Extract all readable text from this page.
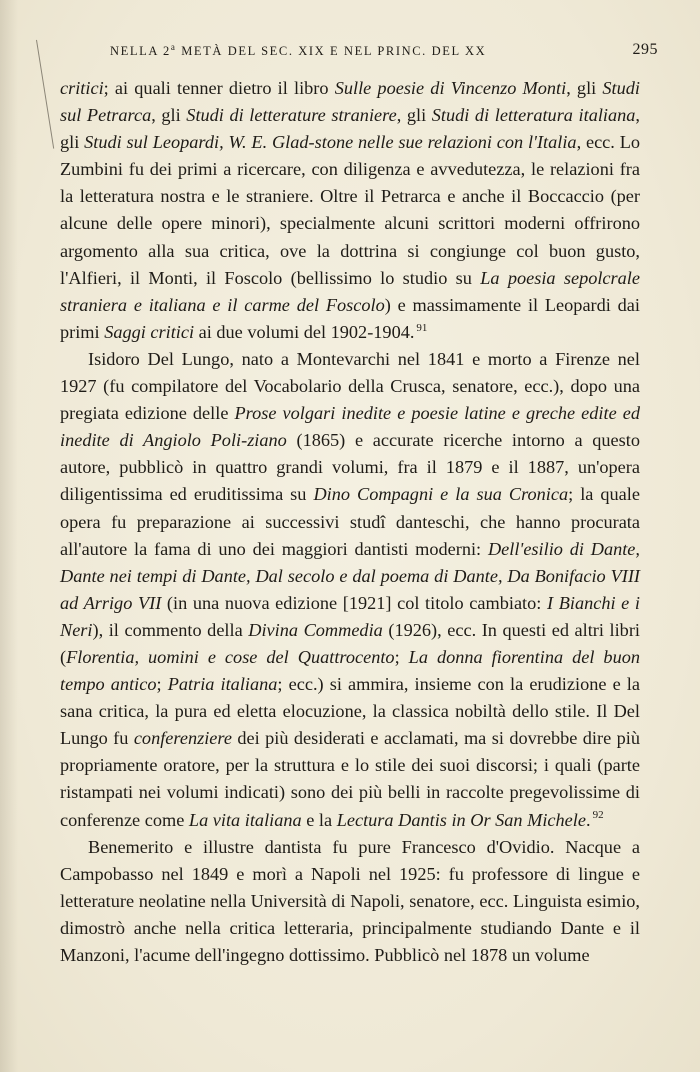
NELLA 2$^a$ METÀ DEL SEC. XIX E NEL PRINC. DEL XX	295

critici; ai quali tenner dietro il libro Sulle poesie di Vincenzo Monti, gli Studi sul Petrarca, gli Studi di letterature straniere, gli Studi di letteratura italiana, gli Studi sul Leopardi, W. E. Glad-stone nelle sue relazioni con l'Italia, ecc. Lo Zumbini fu dei primi a ricercare, con diligenza e avvedutezza, le relazioni fra la letteratura nostra e le straniere. Oltre il Petrarca e anche il Boccaccio (per alcune delle opere minori), specialmente alcuni scrittori moderni offrirono argomento alla sua critica, ove la dottrina si congiunge col buon gusto, l'Alfieri, il Monti, il Foscolo (bellissimo lo studio su La poesia sepolcrale straniera e italiana e il carme del Foscolo) e massimamente il Leopardi dai primi Saggi critici ai due volumi del 1902-1904. $^{91}$

Isidoro Del Lungo, nato a Montevarchi nel 1841 e morto a Firenze nel 1927 (fu compilatore del Vocabolario della Crusca, senatore, ecc.), dopo una pregiata edizione delle Prose volgari inedite e poesie latine e greche edite ed inedite di Angiolo Poli-ziano (1865) e accurate ricerche intorno a questo autore, pubblicò in quattro grandi volumi, fra il 1879 e il 1887, un'opera diligentissima ed eruditissima su Dino Compagni e la sua Cronica; la quale opera fu preparazione ai successivi studî danteschi, che hanno procurata all'autore la fama di uno dei maggiori dantisti moderni: Dell'esilio di Dante, Dante nei tempi di Dante, Dal secolo e dal poema di Dante, Da Bonifacio VIII ad Arrigo VII (in una nuova edizione [1921] col titolo cambiato: I Bianchi e i Neri), il commento della Divina Commedia (1926), ecc. In questi ed altri libri (Florentia, uomini e cose del Quattrocento; La donna fiorentina del buon tempo antico; Patria italiana; ecc.) si ammira, insieme con la erudizione e la sana critica, la pura ed eletta elocuzione, la classica nobiltà dello stile. Il Del Lungo fu conferenziere dei più desiderati e acclamati, ma si dovrebbe dire più propriamente oratore, per la struttura e lo stile dei suoi discorsi; i quali (parte ristampati nei volumi indicati) sono dei più belli in raccolte pregevolissime di conferenze come La vita italiana e la Lectura Dantis in Or San Michele. $^{92}$

Benemerito e illustre dantista fu pure Francesco d'Ovidio. Nacque a Campobasso nel 1849 e morì a Napoli nel 1925: fu professore di lingue e letterature neolatine nella Università di Napoli, senatore, ecc. Linguista esimio, dimostrò anche nella critica letteraria, principalmente studiando Dante e il Manzoni, l'acume dell'ingegno dottissimo. Pubblicò nel 1878 un volume
